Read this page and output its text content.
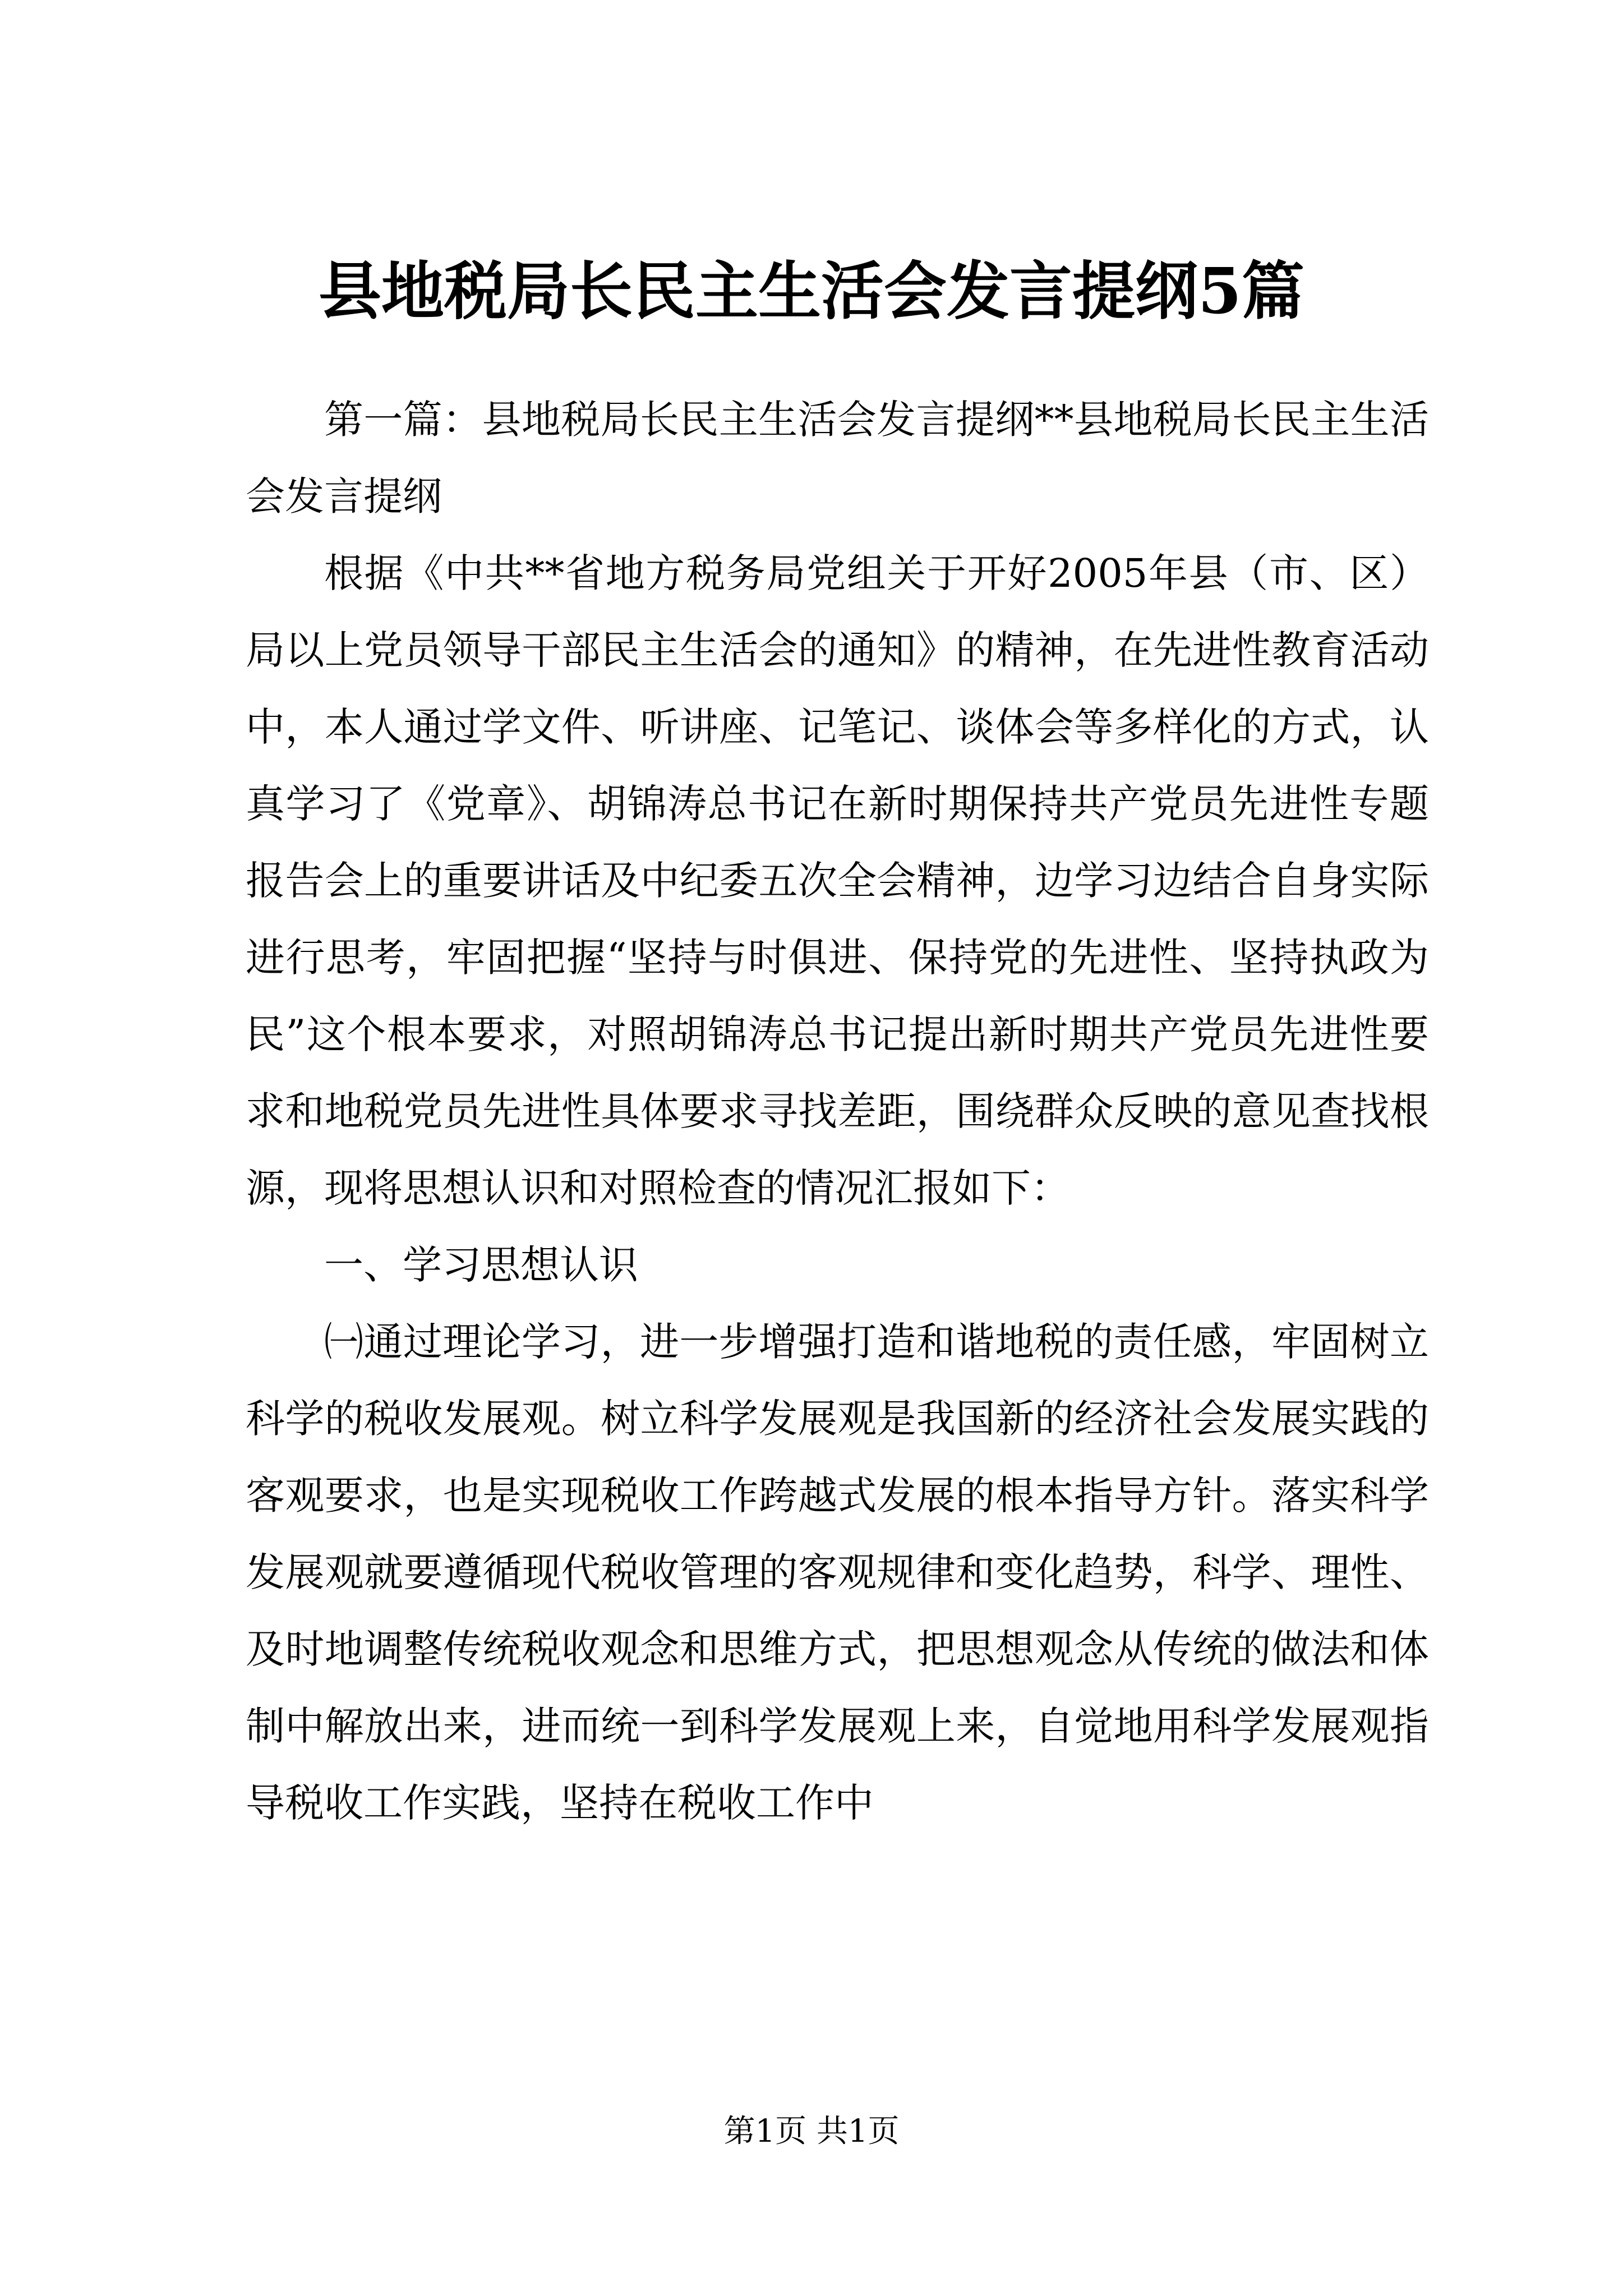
县地税局长民主生活会发言提纲5篇

第一篇：县地税局长民主生活会发言提纲**县地税局长民主生活会发言提纲

根据《中共**省地方税务局党组关于开好2005年县（市、区）局以上党员领导干部民主生活会的通知》的精神，在先进性教育活动中，本人通过学文件、听讲座、记笔记、谈体会等多样化的方式，认真学习了《党章》、胡锦涛总书记在新时期保持共产党员先进性专题报告会上的重要讲话及中纪委五次全会精神，边学习边结合自身实际进行思考，牢固把握“坚持与时俱进、保持党的先进性、坚持执政为民”这个根本要求，对照胡锦涛总书记提出新时期共产党员先进性要求和地税党员先进性具体要求寻找差距，围绕群众反映的意见查找根源，现将思想认识和对照检查的情况汇报如下：

一、学习思想认识

㈠通过理论学习，进一步增强打造和谐地税的责任感，牢固树立科学的税收发展观。树立科学发展观是我国新的经济社会发展实践的客观要求，也是实现税收工作跨越式发展的根本指导方针。落实科学发展观就要遵循现代税收管理的客观规律和变化趋势，科学、理性、及时地调整传统税收观念和思维方式，把思想观念从传统的做法和体制中解放出来，进而统一到科学发展观上来，自觉地用科学发展观指导税收工作实践，坚持在税收工作中

第1页 共1页
